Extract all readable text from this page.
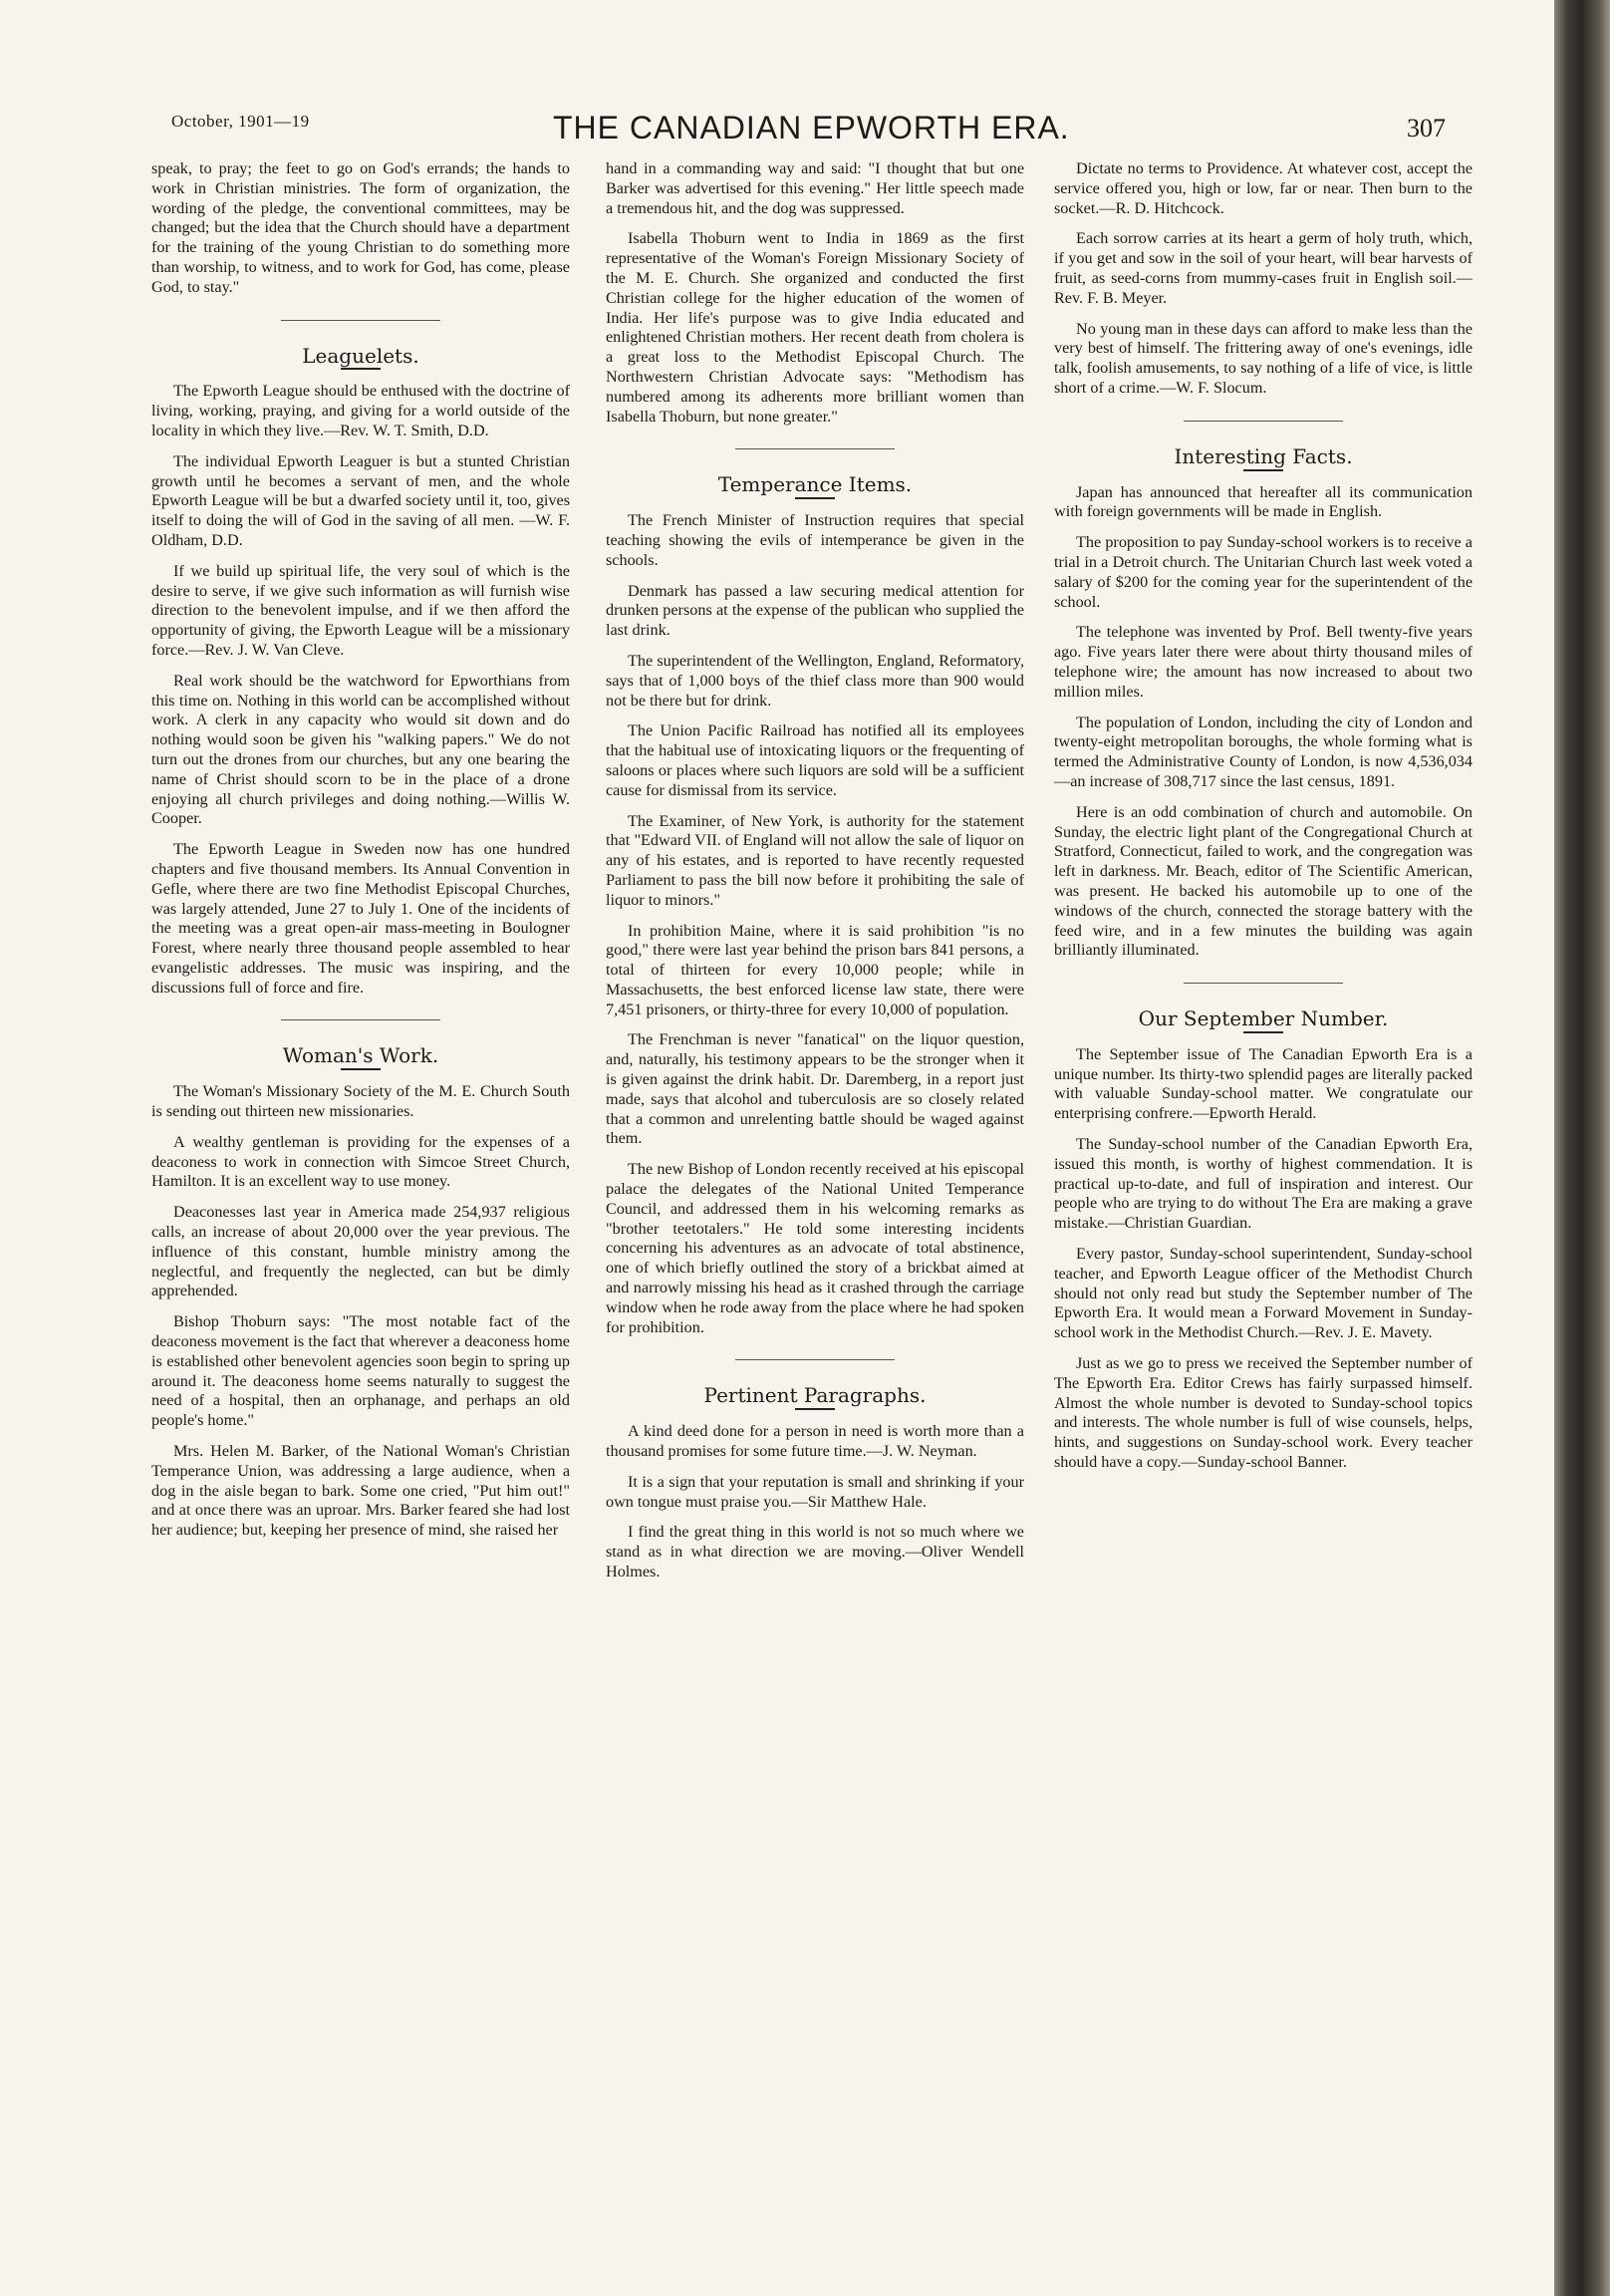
October, 1901—19	THE CANADIAN EPWORTH ERA.	307

speak, to pray; the feet to go on God's errands; the hands to work in Christian ministries. The form of organization, the wording of the pledge, the conventional committees, may be changed; but the idea that the Church should have a department for the training of the young Christian to do something more than worship, to witness, and to work for God, has come, please God, to stay."

Leaguelets.

The Epworth League should be enthused with the doctrine of living, working, praying, and giving for a world outside of the locality in which they live.—Rev. W. T. Smith, D.D.

The individual Epworth Leaguer is but a stunted Christian growth until he becomes a servant of men, and the whole Epworth League will be but a dwarfed society until it, too, gives itself to doing the will of God in the saving of all men. —W. F. Oldham, D.D.

If we build up spiritual life, the very soul of which is the desire to serve, if we give such information as will furnish wise direction to the benevolent impulse, and if we then afford the opportunity of giving, the Epworth League will be a missionary force.—Rev. J. W. Van Cleve.

Real work should be the watchword for Epworthians from this time on. Nothing in this world can be accomplished without work. A clerk in any capacity who would sit down and do nothing would soon be given his "walking papers." We do not turn out the drones from our churches, but any one bearing the name of Christ should scorn to be in the place of a drone enjoying all church privileges and doing nothing.—Willis W. Cooper.

The Epworth League in Sweden now has one hundred chapters and five thousand members. Its Annual Convention in Gefle, where there are two fine Methodist Episcopal Churches, was largely attended, June 27 to July 1. One of the incidents of the meeting was a great open-air mass-meeting in Boulogner Forest, where nearly three thousand people assembled to hear evangelistic addresses. The music was inspiring, and the discussions full of force and fire.

Woman's Work.

The Woman's Missionary Society of the M. E. Church South is sending out thirteen new missionaries.

A wealthy gentleman is providing for the expenses of a deaconess to work in connection with Simcoe Street Church, Hamilton. It is an excellent way to use money.

Deaconesses last year in America made 254,937 religious calls, an increase of about 20,000 over the year previous. The influence of this constant, humble ministry among the neglectful, and frequently the neglected, can but be dimly apprehended.

Bishop Thoburn says: "The most notable fact of the deaconess movement is the fact that wherever a deaconess home is established other benevolent agencies soon begin to spring up around it. The deaconess home seems naturally to suggest the need of a hospital, then an orphanage, and perhaps an old people's home."

Mrs. Helen M. Barker, of the National Woman's Christian Temperance Union, was addressing a large audience, when a dog in the aisle began to bark. Some one cried, "Put him out!" and at once there was an uproar. Mrs. Barker feared she had lost her audience; but, keeping her presence of mind, she raised her

hand in a commanding way and said: "I thought that but one Barker was advertised for this evening." Her little speech made a tremendous hit, and the dog was suppressed.

Isabella Thoburn went to India in 1869 as the first representative of the Woman's Foreign Missionary Society of the M. E. Church. She organized and conducted the first Christian college for the higher education of the women of India. Her life's purpose was to give India educated and enlightened Christian mothers. Her recent death from cholera is a great loss to the Methodist Episcopal Church. The Northwestern Christian Advocate says: "Methodism has numbered among its adherents more brilliant women than Isabella Thoburn, but none greater."

Temperance Items.

The French Minister of Instruction requires that special teaching showing the evils of intemperance be given in the schools.

Denmark has passed a law securing medical attention for drunken persons at the expense of the publican who supplied the last drink.

The superintendent of the Wellington, England, Reformatory, says that of 1,000 boys of the thief class more than 900 would not be there but for drink.

The Union Pacific Railroad has notified all its employees that the habitual use of intoxicating liquors or the frequenting of saloons or places where such liquors are sold will be a sufficient cause for dismissal from its service.

The Examiner, of New York, is authority for the statement that "Edward VII. of England will not allow the sale of liquor on any of his estates, and is reported to have recently requested Parliament to pass the bill now before it prohibiting the sale of liquor to minors."

In prohibition Maine, where it is said prohibition "is no good," there were last year behind the prison bars 841 persons, a total of thirteen for every 10,000 people; while in Massachusetts, the best enforced license law state, there were 7,451 prisoners, or thirty-three for every 10,000 of population.

The Frenchman is never "fanatical" on the liquor question, and, naturally, his testimony appears to be the stronger when it is given against the drink habit. Dr. Daremberg, in a report just made, says that alcohol and tuberculosis are so closely related that a common and unrelenting battle should be waged against them.

The new Bishop of London recently received at his episcopal palace the delegates of the National United Temperance Council, and addressed them in his welcoming remarks as "brother teetotalers." He told some interesting incidents concerning his adventures as an advocate of total abstinence, one of which briefly outlined the story of a brickbat aimed at and narrowly missing his head as it crashed through the carriage window when he rode away from the place where he had spoken for prohibition.

Pertinent Paragraphs.

A kind deed done for a person in need is worth more than a thousand promises for some future time.—J. W. Neyman.

It is a sign that your reputation is small and shrinking if your own tongue must praise you.—Sir Matthew Hale.

I find the great thing in this world is not so much where we stand as in what direction we are moving.—Oliver Wendell Holmes.

Dictate no terms to Providence. At whatever cost, accept the service offered you, high or low, far or near. Then burn to the socket.—R. D. Hitchcock.

Each sorrow carries at its heart a germ of holy truth, which, if you get and sow in the soil of your heart, will bear harvests of fruit, as seed-corns from mummy-cases fruit in English soil.—Rev. F. B. Meyer.

No young man in these days can afford to make less than the very best of himself. The frittering away of one's evenings, idle talk, foolish amusements, to say nothing of a life of vice, is little short of a crime.—W. F. Slocum.

Interesting Facts.

Japan has announced that hereafter all its communication with foreign governments will be made in English.

The proposition to pay Sunday-school workers is to receive a trial in a Detroit church. The Unitarian Church last week voted a salary of $200 for the coming year for the superintendent of the school.

The telephone was invented by Prof. Bell twenty-five years ago. Five years later there were about thirty thousand miles of telephone wire; the amount has now increased to about two million miles.

The population of London, including the city of London and twenty-eight metropolitan boroughs, the whole forming what is termed the Administrative County of London, is now 4,536,034—an increase of 308,717 since the last census, 1891.

Here is an odd combination of church and automobile. On Sunday, the electric light plant of the Congregational Church at Stratford, Connecticut, failed to work, and the congregation was left in darkness. Mr. Beach, editor of The Scientific American, was present. He backed his automobile up to one of the windows of the church, connected the storage battery with the feed wire, and in a few minutes the building was again brilliantly illuminated.

Our September Number.

The September issue of The Canadian Epworth Era is a unique number. Its thirty-two splendid pages are literally packed with valuable Sunday-school matter. We congratulate our enterprising confrere.—Epworth Herald.

The Sunday-school number of the Canadian Epworth Era, issued this month, is worthy of highest commendation. It is practical up-to-date, and full of inspiration and interest. Our people who are trying to do without The Era are making a grave mistake.—Christian Guardian.

Every pastor, Sunday-school superintendent, Sunday-school teacher, and Epworth League officer of the Methodist Church should not only read but study the September number of The Epworth Era. It would mean a Forward Movement in Sunday-school work in the Methodist Church.—Rev. J. E. Mavety.

Just as we go to press we received the September number of The Epworth Era. Editor Crews has fairly surpassed himself. Almost the whole number is devoted to Sunday-school topics and interests. The whole number is full of wise counsels, helps, hints, and suggestions on Sunday-school work. Every teacher should have a copy.—Sunday-school Banner.
